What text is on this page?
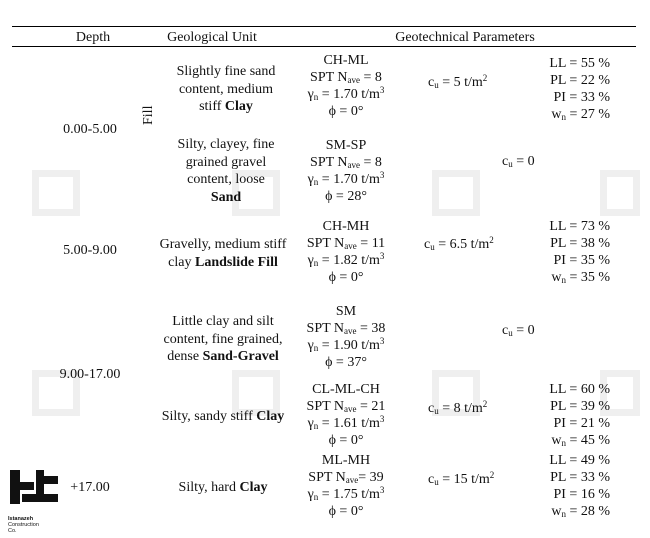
Depth	Geological Unit	Geotechnical Parameters
0.00-5.00
5.00-9.00
9.00-17.00
+17.00
Fill
Slightly fine sand
content, medium
stiff Clay
Silty, clayey, fine
grained gravel
content, loose
Sand
Gravelly, medium stiff
clay Landslide Fill
Little clay and silt
content, fine grained,
dense Sand-Gravel
Silty, sandy stiff Clay
Silty, hard Clay
CH-ML
SPT $N_{ave} = 8$
$\gamma_n = 1.70$ $t/m^3$
ϕ = 0°
SM-SP
SPT $N_{ave} = 8$
$\gamma_n = 1.70$ $t/m^3$
ϕ = 28°
CH-MH
SPT $N_{ave} = 11$
$\gamma_n = 1.82$ $t/m^3$
ϕ = 0°
SM
SPT $N_{ave} = 38$
$\gamma_n = 1.90$ $t/m^3$
ϕ = 37°
CL-ML-CH
SPT $N_{ave} = 21$
$\gamma_n = 1.61$ $t/m^3$
ϕ = 0°
ML-MH
SPT $N_{ave}= 39$
$\gamma_n = 1.75$ $t/m^3$
ϕ = 0°
$c_u = 5$ $t/m^2$
$c_u = 0$
$c_u = 6.5$ $t/m^2$
$c_u = 0$
$c_u = 8$ $t/m^2$
$c_u = 15$ $t/m^2$
LL = 55 %
PL = 22 %
PI = 33 %
$w_n = 27$ %
LL = 73 %
PL = 38 %
PI = 35 %
$w_n = 35$ %
LL = 60 %
PL = 39 %
PI = 21 %
$w_n = 45$ %
LL = 49 %
PL = 33 %
PI = 16 %
$w_n = 28$ %
Istanazeh
Construction
Co.
